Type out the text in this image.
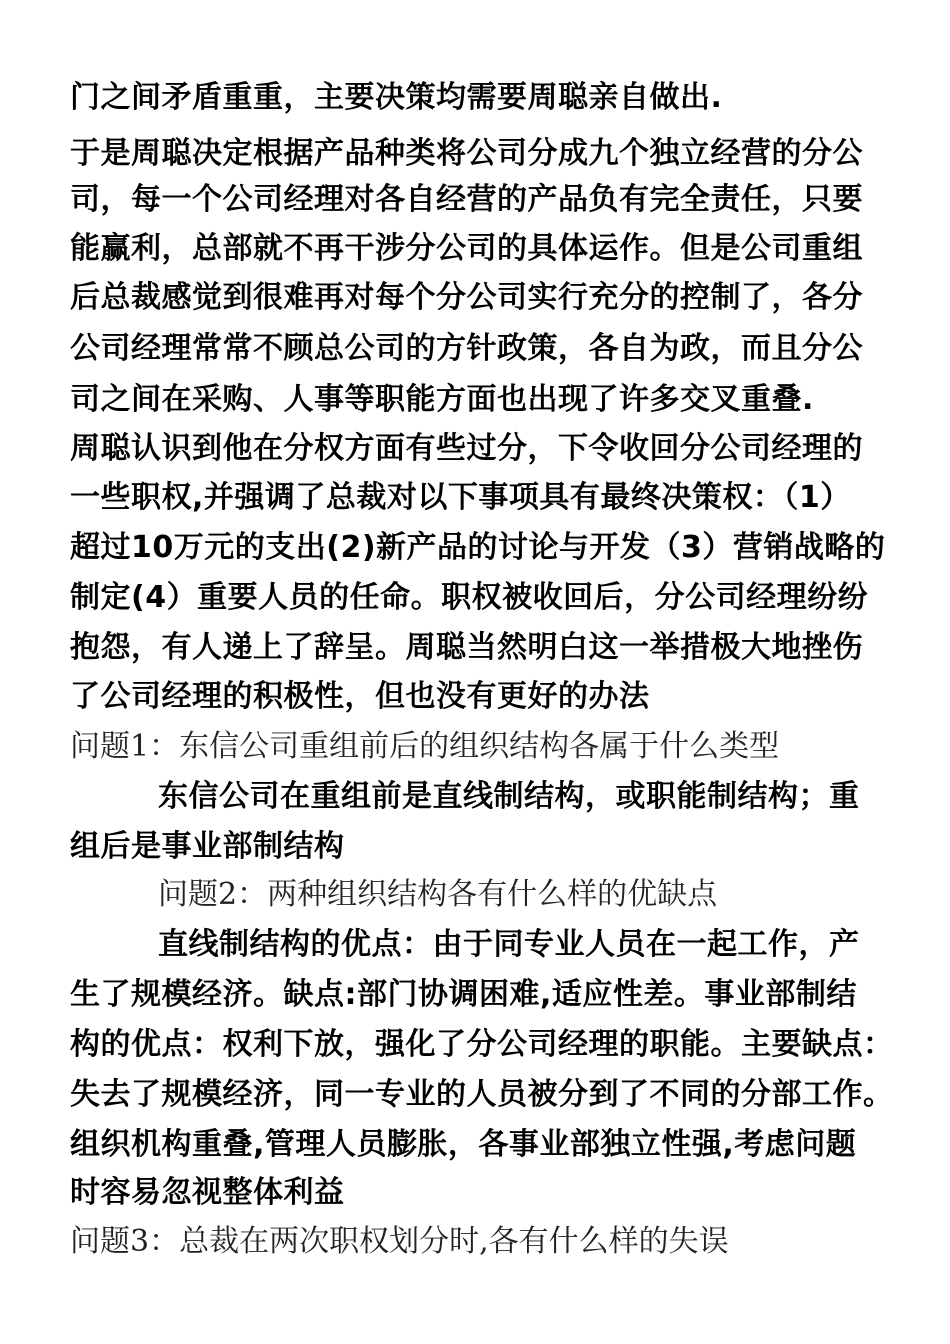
门之间矛盾重重，主要决策均需要周聪亲自做出.
于是周聪决定根据产品种类将公司分成九个独立经营的分公
司，每一个公司经理对各自经营的产品负有完全责任，只要
能赢利，总部就不再干涉分公司的具体运作。但是公司重组
后总裁感觉到很难再对每个分公司实行充分的控制了，各分
公司经理常常不顾总公司的方针政策，各自为政，而且分公
司之间在采购、人事等职能方面也出现了许多交叉重叠.
周聪认识到他在分权方面有些过分，下令收回分公司经理的
一些职权,并强调了总裁对以下事项具有最终决策权：（1）
超过10万元的支出(2)新产品的讨论与开发（3）营销战略的
制定(4）重要人员的任命。职权被收回后，分公司经理纷纷
抱怨，有人递上了辞呈。周聪当然明白这一举措极大地挫伤
了公司经理的积极性，但也没有更好的办法
问题1：东信公司重组前后的组织结构各属于什么类型
东信公司在重组前是直线制结构，或职能制结构；重
组后是事业部制结构
问题2：两种组织结构各有什么样的优缺点
直线制结构的优点：由于同专业人员在一起工作，产
生了规模经济。缺点:部门协调困难,适应性差。事业部制结
构的优点：权利下放，强化了分公司经理的职能。主要缺点：
失去了规模经济，同一专业的人员被分到了不同的分部工作。
组织机构重叠,管理人员膨胀，各事业部独立性强,考虑问题
时容易忽视整体利益
问题3：总裁在两次职权划分时,各有什么样的失误
